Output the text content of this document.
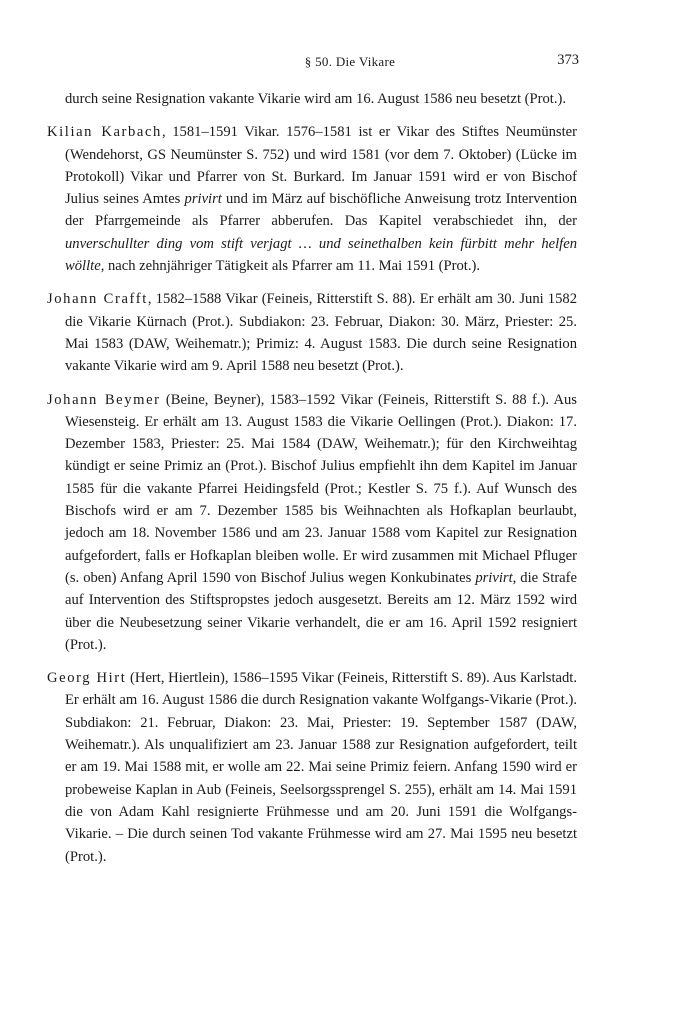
§ 50. Die Vikare	373

durch seine Resignation vakante Vikarie wird am 16. August 1586 neu besetzt (Prot.).

Kilian Karbach, 1581–1591 Vikar. 1576–1581 ist er Vikar des Stiftes Neumünster (Wendehorst, GS Neumünster S. 752) und wird 1581 (vor dem 7. Oktober) (Lücke im Protokoll) Vikar und Pfarrer von St. Burkard. Im Januar 1591 wird er von Bischof Julius seines Amtes privirt und im März auf bischöfliche Anweisung trotz Intervention der Pfarrgemeinde als Pfarrer abberufen. Das Kapitel verabschiedet ihn, der unverschullter ding vom stift verjagt … und seinethalben kein fürbitt mehr helfen wöllte, nach zehnjähriger Tätigkeit als Pfarrer am 11. Mai 1591 (Prot.).

Johann Crafft, 1582–1588 Vikar (Feineis, Ritterstift S. 88). Er erhält am 30. Juni 1582 die Vikarie Kürnach (Prot.). Subdiakon: 23. Februar, Diakon: 30. März, Priester: 25. Mai 1583 (DAW, Weihematr.); Primiz: 4. August 1583. Die durch seine Resignation vakante Vikarie wird am 9. April 1588 neu besetzt (Prot.).

Johann Beymer (Beine, Beyner), 1583–1592 Vikar (Feineis, Ritterstift S. 88 f.). Aus Wiesensteig. Er erhält am 13. August 1583 die Vikarie Oellingen (Prot.). Diakon: 17. Dezember 1583, Priester: 25. Mai 1584 (DAW, Weihematr.); für den Kirchweihtag kündigt er seine Primiz an (Prot.). Bischof Julius empfiehlt ihn dem Kapitel im Januar 1585 für die vakante Pfarrei Heidingsfeld (Prot.; Kestler S. 75 f.). Auf Wunsch des Bischofs wird er am 7. Dezember 1585 bis Weihnachten als Hofkaplan beurlaubt, jedoch am 18. November 1586 und am 23. Januar 1588 vom Kapitel zur Resignation aufgefordert, falls er Hofkaplan bleiben wolle. Er wird zusammen mit Michael Pfluger (s. oben) Anfang April 1590 von Bischof Julius wegen Konkubinates privirt, die Strafe auf Intervention des Stiftspropstes jedoch ausgesetzt. Bereits am 12. März 1592 wird über die Neubesetzung seiner Vikarie verhandelt, die er am 16. April 1592 resigniert (Prot.).

Georg Hirt (Hert, Hiertlein), 1586–1595 Vikar (Feineis, Ritterstift S. 89). Aus Karlstadt. Er erhält am 16. August 1586 die durch Resignation vakante Wolfgangs-Vikarie (Prot.). Subdiakon: 21. Februar, Diakon: 23. Mai, Priester: 19. September 1587 (DAW, Weihematr.). Als unqualifiziert am 23. Januar 1588 zur Resignation aufgefordert, teilt er am 19. Mai 1588 mit, er wolle am 22. Mai seine Primiz feiern. Anfang 1590 wird er probeweise Kaplan in Aub (Feineis, Seelsorgssprengel S. 255), erhält am 14. Mai 1591 die von Adam Kahl resignierte Frühmesse und am 20. Juni 1591 die Wolfgangs-Vikarie. – Die durch seinen Tod vakante Frühmesse wird am 27. Mai 1595 neu besetzt (Prot.).
